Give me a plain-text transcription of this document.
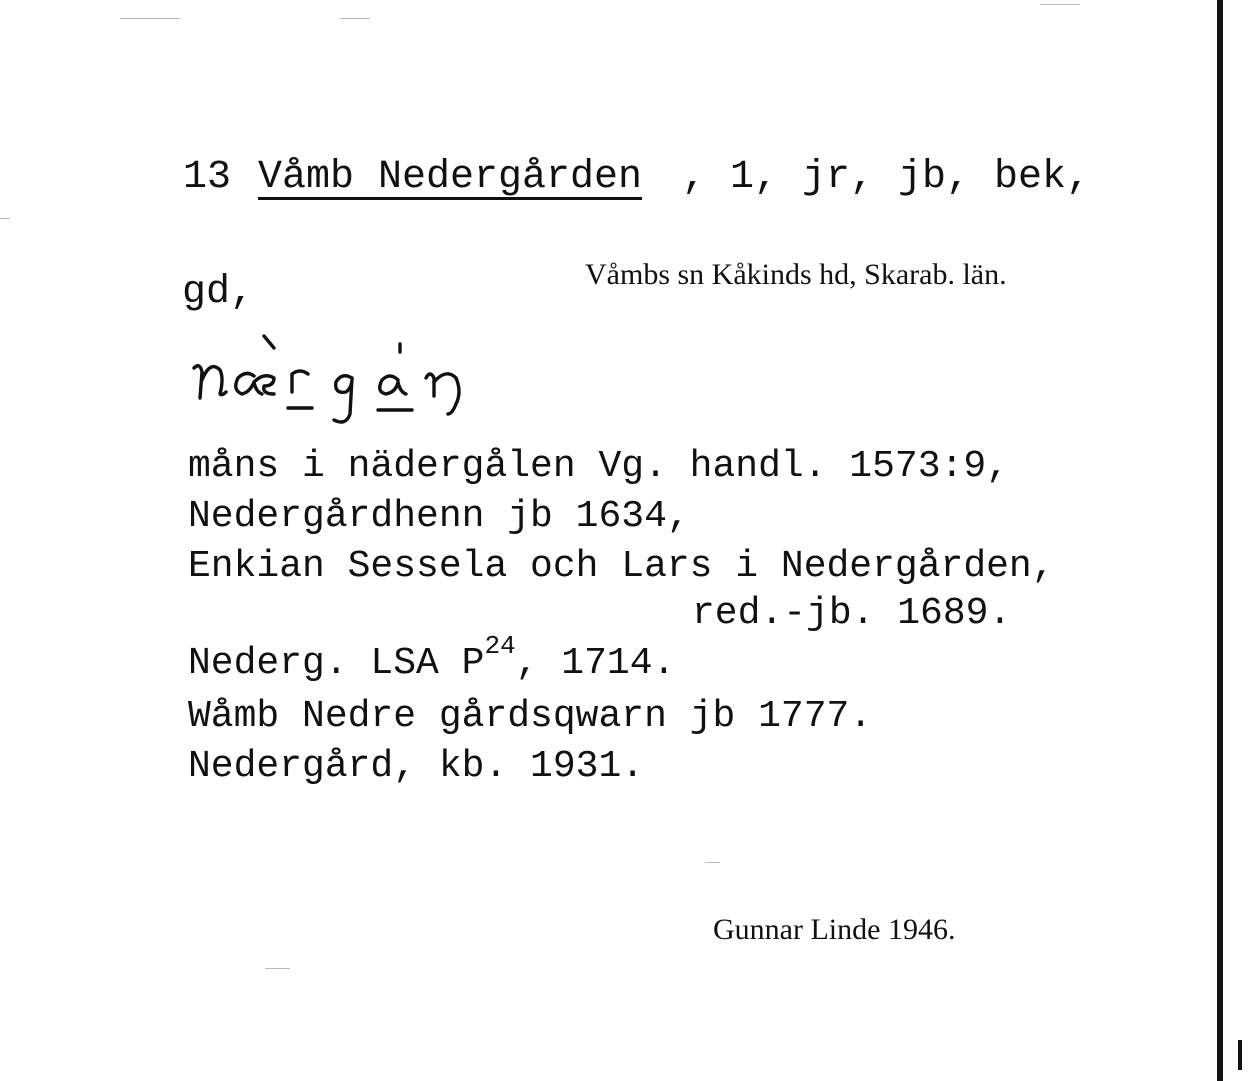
13 Våmb Nedergården , 1, jr, jb, bek,
gd,	Våmbs sn Kåkinds hd, Skarab. län.
måns i nädergålen Vg. handl. 1573:9,
Nedergårdhenn jb 1634,
Enkian Sessela och Lars i Nedergården,
red.-jb. 1689.
Nederg. LSA $P^{24}$, 1714.
Wåmb Nedre gårdsqwarn jb 1777.
Nedergård, kb. 1931.
Gunnar Linde 1946.
